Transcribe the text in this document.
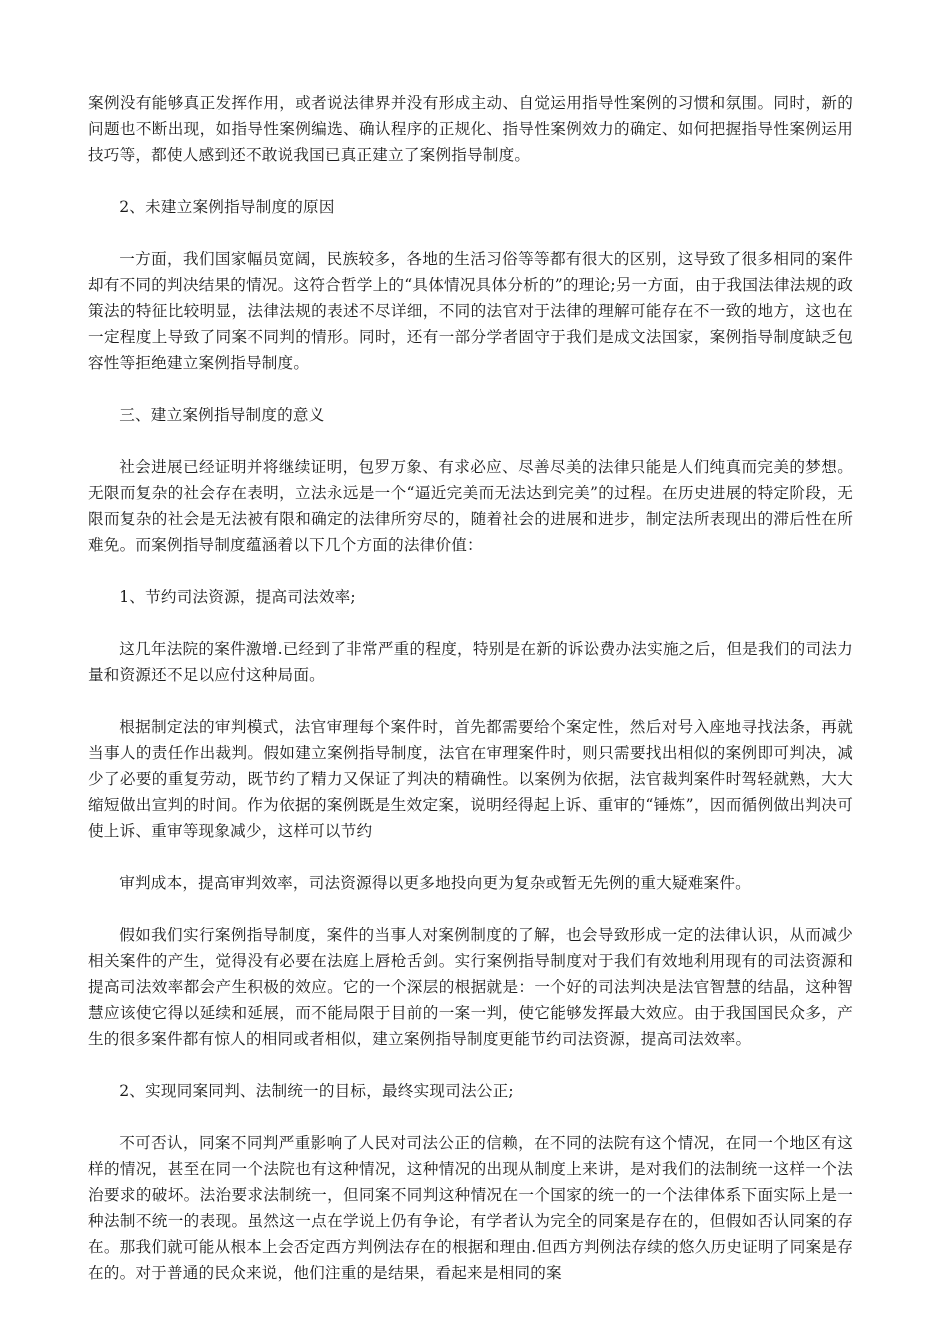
案例没有能够真正发挥作用，或者说法律界并没有形成主动、自觉运用指导性案例的习惯和氛围。同时，新的问题也不断出现，如指导性案例编选、确认程序的正规化、指导性案例效力的确定、如何把握指导性案例运用技巧等，都使人感到还不敢说我国已真正建立了案例指导制度。

2、未建立案例指导制度的原因

一方面，我们国家幅员宽阔，民族较多，各地的生活习俗等等都有很大的区别，这导致了很多相同的案件却有不同的判决结果的情况。这符合哲学上的“具体情况具体分析的”的理论;另一方面，由于我国法律法规的政策法的特征比较明显，法律法规的表述不尽详细，不同的法官对于法律的理解可能存在不一致的地方，这也在一定程度上导致了同案不同判的情形。同时，还有一部分学者固守于我们是成文法国家，案例指导制度缺乏包容性等拒绝建立案例指导制度。

三、建立案例指导制度的意义

社会进展已经证明并将继续证明，包罗万象、有求必应、尽善尽美的法律只能是人们纯真而完美的梦想。无限而复杂的社会存在表明，立法永远是一个“逼近完美而无法达到完美”的过程。在历史进展的特定阶段，无限而复杂的社会是无法被有限和确定的法律所穷尽的，随着社会的进展和进步，制定法所表现出的滞后性在所难免。而案例指导制度蕴涵着以下几个方面的法律价值：

1、节约司法资源，提高司法效率;

这几年法院的案件激增.已经到了非常严重的程度，特别是在新的诉讼费办法实施之后，但是我们的司法力量和资源还不足以应付这种局面。

根据制定法的审判模式，法官审理每个案件时，首先都需要给个案定性，然后对号入座地寻找法条，再就当事人的责任作出裁判。假如建立案例指导制度，法官在审理案件时，则只需要找出相似的案例即可判决，减少了必要的重复劳动，既节约了精力又保证了判决的精确性。以案例为依据，法官裁判案件时驾轻就熟，大大缩短做出宣判的时间。作为依据的案例既是生效定案，说明经得起上诉、重审的“锤炼”，因而循例做出判决可使上诉、重审等现象减少，这样可以节约

审判成本，提高审判效率，司法资源得以更多地投向更为复杂或暂无先例的重大疑难案件。

假如我们实行案例指导制度，案件的当事人对案例制度的了解，也会导致形成一定的法律认识，从而减少相关案件的产生，觉得没有必要在法庭上唇枪舌剑。实行案例指导制度对于我们有效地利用现有的司法资源和提高司法效率都会产生积极的效应。它的一个深层的根据就是：一个好的司法判决是法官智慧的结晶，这种智慧应该使它得以延续和延展，而不能局限于目前的一案一判，使它能够发挥最大效应。由于我国国民众多，产生的很多案件都有惊人的相同或者相似，建立案例指导制度更能节约司法资源，提高司法效率。

2、实现同案同判、法制统一的目标，最终实现司法公正;

不可否认，同案不同判严重影响了人民对司法公正的信赖，在不同的法院有这个情况，在同一个地区有这样的情况，甚至在同一个法院也有这种情况，这种情况的出现从制度上来讲，是对我们的法制统一这样一个法治要求的破坏。法治要求法制统一，但同案不同判这种情况在一个国家的统一的一个法律体系下面实际上是一种法制不统一的表现。虽然这一点在学说上仍有争论，有学者认为完全的同案是存在的，但假如否认同案的存在。那我们就可能从根本上会否定西方判例法存在的根据和理由.但西方判例法存续的悠久历史证明了同案是存在的。对于普通的民众来说，他们注重的是结果，看起来是相同的案
